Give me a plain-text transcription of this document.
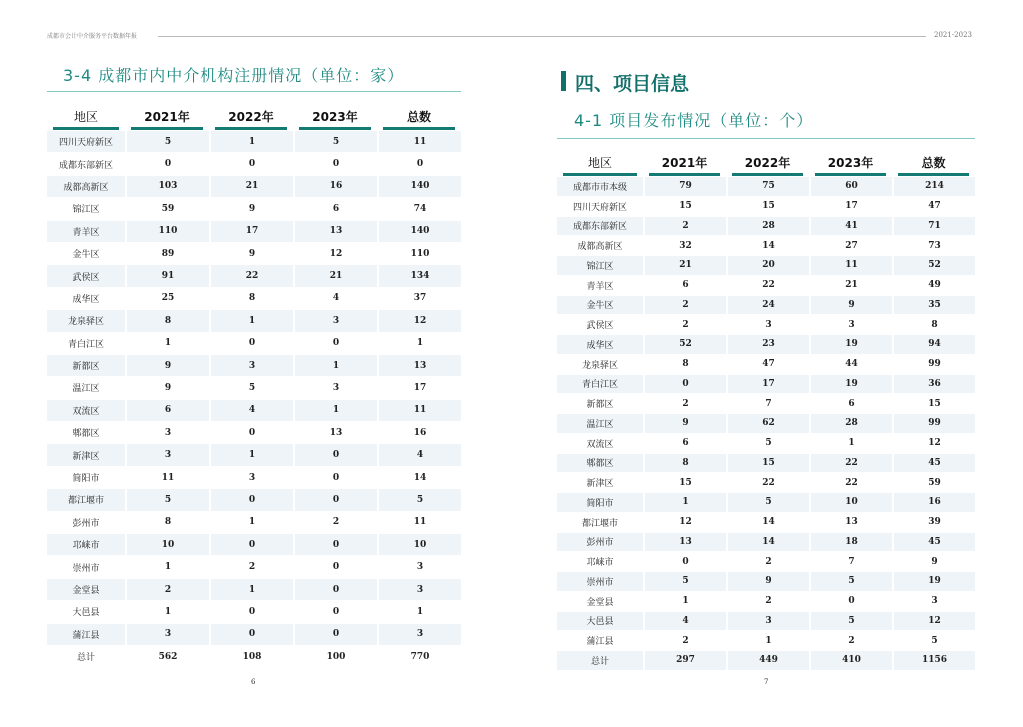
成都市会计中介服务平台数据年报	2021-2023
3-4 成都市内中介机构注册情况（单位：家）
地区	2021年	2022年	2023年	总数

四川天府新区	5	1	5	11
成都东部新区	0	0	0	0
成都高新区	103	21	16	140
锦江区	59	9	6	74
青羊区	110	17	13	140
金牛区	89	9	12	110
武侯区	91	22	21	134
成华区	25	8	4	37
龙泉驿区	8	1	3	12
青白江区	1	0	0	1
新都区	9	3	1	13
温江区	9	5	3	17
双流区	6	4	1	11
郫都区	3	0	13	16
新津区	3	1	0	4
简阳市	11	3	0	14
都江堰市	5	0	0	5
彭州市	8	1	2	11
邛崃市	10	0	0	10
崇州市	1	2	0	3
金堂县	2	1	0	3
大邑县	1	0	0	1
蒲江县	3	0	0	3
总计	562	108	100	770
6
四、项目信息
4-1 项目发布情况（单位：个）
地区	2021年	2022年	2023年	总数

成都市市本级	79	75	60	214
四川天府新区	15	15	17	47
成都东部新区	2	28	41	71
成都高新区	32	14	27	73
锦江区	21	20	11	52
青羊区	6	22	21	49
金牛区	2	24	9	35
武侯区	2	3	3	8
成华区	52	23	19	94
龙泉驿区	8	47	44	99
青白江区	0	17	19	36
新都区	2	7	6	15
温江区	9	62	28	99
双流区	6	5	1	12
郫都区	8	15	22	45
新津区	15	22	22	59
简阳市	1	5	10	16
都江堰市	12	14	13	39
彭州市	13	14	18	45
邛崃市	0	2	7	9
崇州市	5	9	5	19
金堂县	1	2	0	3
大邑县	4	3	5	12
蒲江县	2	1	2	5
总计	297	449	410	1156
7
